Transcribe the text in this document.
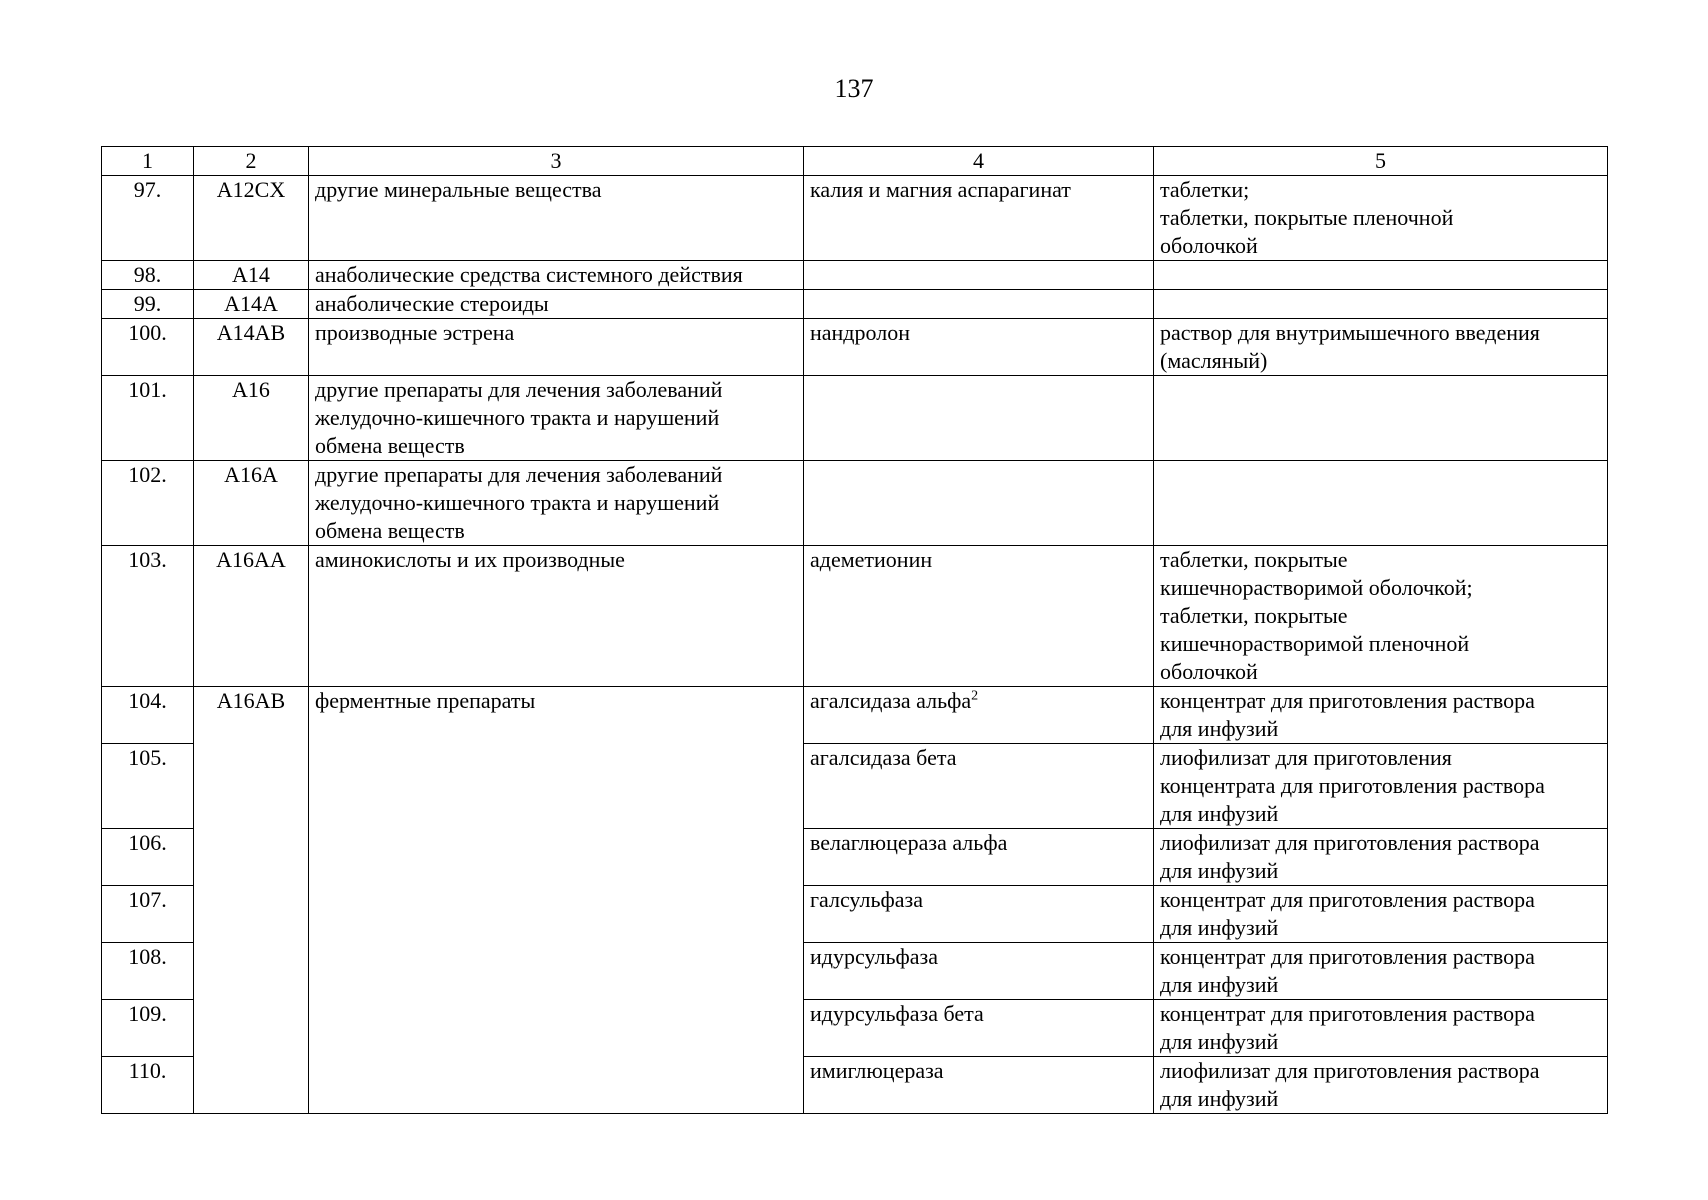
137
1	2	3	4	5
97.	A12CX	другие минеральные вещества	калия и магния аспарагинат	таблетки;
таблетки, покрытые пленочной
оболочкой

98.	A14	анаболические средства системного действия		
99.	A14A	анаболические стероиды		
100.	A14AB	производные эстрена	нандролон	раствор для внутримышечного введения
(масляный)

101.	A16	другие препараты для лечения заболеваний
желудочно-кишечного тракта и нарушений
обмена веществ		

102.	A16A	другие препараты для лечения заболеваний
желудочно-кишечного тракта и нарушений
обмена веществ		

103.	A16AA	аминокислоты и их производные	адеметионин	таблетки, покрытые
кишечнорастворимой оболочкой;
таблетки, покрытые
кишечнорастворимой пленочной
оболочкой

104.	A16AB	ферментные препараты	агалсидаза альфа$^2$	концентрат для приготовления раствора
для инфузий

105.			агалсидаза бета	лиофилизат для приготовления
концентрата для приготовления раствора
для инфузий

106.			велаглюцераза альфа	лиофилизат для приготовления раствора
для инфузий

107.			галсульфаза	концентрат для приготовления раствора
для инфузий

108.			идурсульфаза	концентрат для приготовления раствора
для инфузий

109.			идурсульфаза бета	концентрат для приготовления раствора
для инфузий

110.			имиглюцераза	лиофилизат для приготовления раствора
для инфузий
